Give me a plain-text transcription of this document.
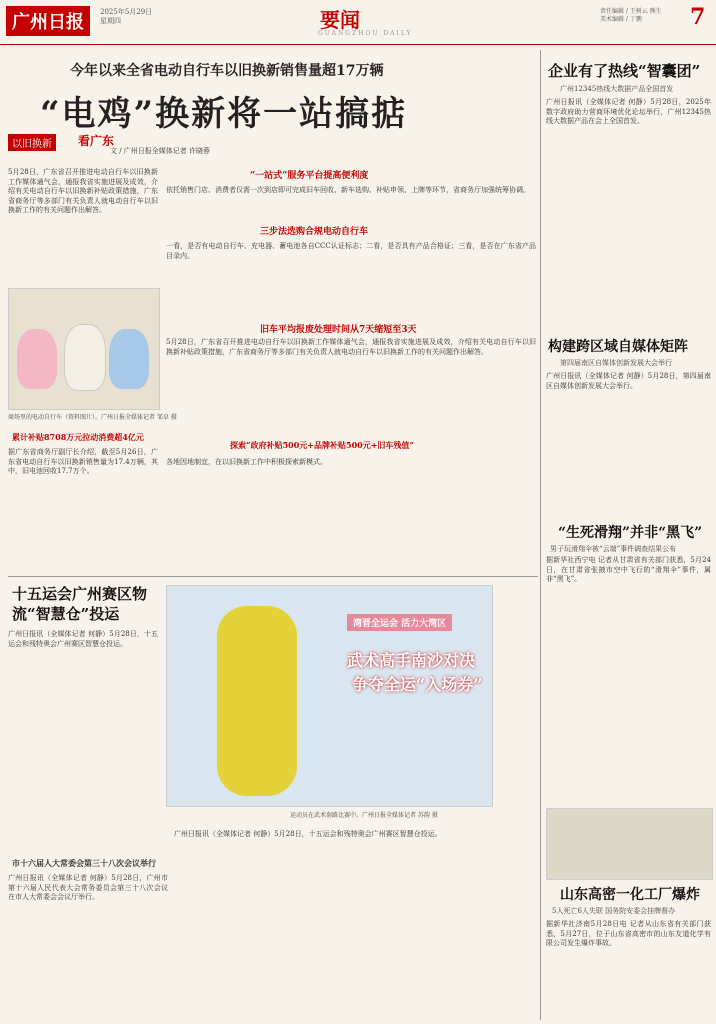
广州日报	2025年5月29日
星期四	要闻
GUANGZHOU DAILY
责任编辑 / 王树云 熊生
美术编辑 / 丁鹏	7
今年以来全省电动自行车以旧换新销售量超17万辆
“电鸡”换新将一站搞掂
以旧换新	看广东
文 / 广州日报全媒体记者 许晓蓉
5月28日，广东省召开推进电动自行车以旧换新工作媒体通气会，通报我省实施进展及成效，介绍有关电动自行车以旧换新补贴政策措施，广东省商务厅等多部门有关负责人就电动自行车以旧换新工作的有关问题作出解答。
“一站式”服务平台提高便利度
依托销售门店、消费者仅需一次到店即可完成旧车回收、新车选购、补贴申领、上牌等环节，省商务厅加强统筹协调。
三步法选购合规电动自行车
一看，是否有电动自行车、充电器、蓄电池各自CCC认证标志；二看，是否具有产品合格证；三看，是否在广东省产品目录内。
商场里的电动自行车（资料图片）。广州日报全媒体记者 邹卓 摄
旧车平均报废处理时间从7天缩短至3天
5月28日，广东省召开推进电动自行车以旧换新工作媒体通气会，通报我省实施进展及成效，介绍有关电动自行车以旧换新补贴政策措施，广东省商务厅等多部门有关负责人就电动自行车以旧换新工作的有关问题作出解答。
累计补贴8708万元拉动消费超4亿元
据广东省商务厅副厅长介绍，截至5月26日，广东省电动自行车以旧换新销售量为17.4万辆，其中，旧电池回收17.7万个。
探索“政府补贴500元+品牌补贴500元+旧车残值”
各地因地制宜，在以旧换新工作中积极探索新模式。
十五运会广州赛区物流“智慧仓”投运
广州日报讯（全媒体记者 何静）5月28日，十五运会和残特奥会广州赛区智慧仓投运。
湾晋全运会 活力大湾区
武术高手南沙对决
争夺全运“入场券”
运动员在武术套路比赛中。广州日报全媒体记者 苏韵 摄
市十六届人大常委会第三十八次会议举行
广州日报讯（全媒体记者 何静）5月28日，广州市第十六届人民代表大会常务委员会第三十八次会议在市人大常委会会议厅举行。
广州日报讯（全媒体记者 何静）5月28日，十五运会和残特奥会广州赛区智慧仓投运。
企业有了热线“智囊团”
广州12345热线大数据产品全国首发
广州日报讯（全媒体记者 何静）5月28日，2025年数字政府助力营商环境优化论坛举行，广州12345热线大数据产品在会上全国首发。
构建跨区域自媒体矩阵
第四届南区自媒体创新发展大会举行
广州日报讯（全媒体记者 何静）5月28日，第四届南区自媒体创新发展大会举行。
“生死滑翔”并非“黑飞”
男子玩滑翔伞被“云端”事件调查结果公布
据新华社西宁电 记者从甘肃省有关部门获悉，5月24日，在甘肃省张掖市空中飞行的“滑翔伞”事件，属非“黑飞”。
山东高密一化工厂爆炸
5人死亡6人失联 国务院安委会挂牌督办
据新华社济南5月28日电 记者从山东省有关部门获悉，5月27日，位于山东省高密市的山东友道化学有限公司发生爆炸事故。
